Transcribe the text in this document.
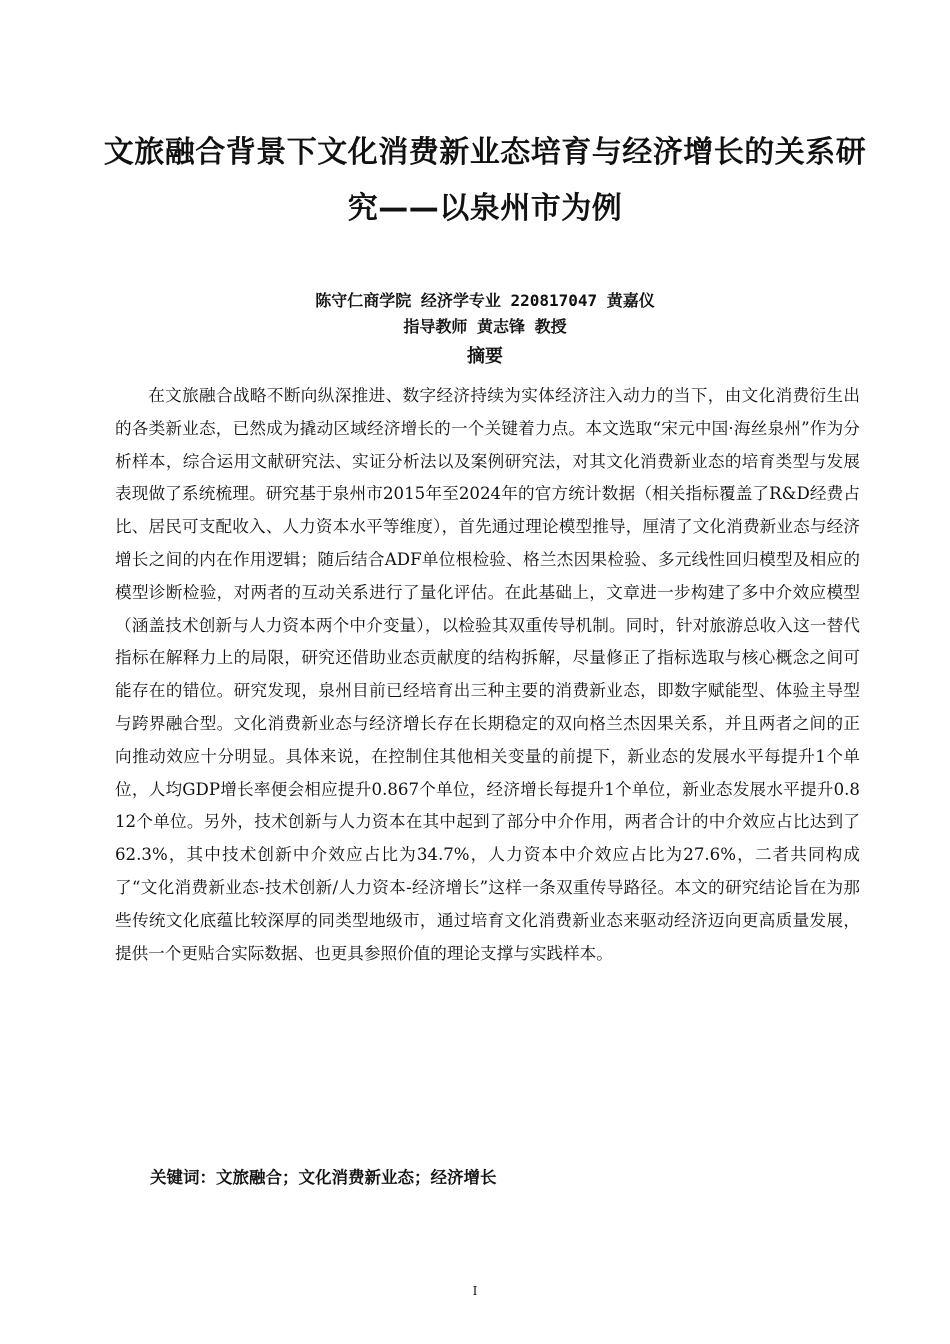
文旅融合背景下文化消费新业态培育与经济增长的关系研
究——以泉州市为例
陈守仁商学院 经济学专业 220817047 黄嘉仪
指导教师 黄志锋 教授
摘要

在文旅融合战略不断向纵深推进、数字经济持续为实体经济注入动力的当下，由文化消费衍生出的各类新业态，已然成为撬动区域经济增长的一个关键着力点。本文选取“宋元中国·海丝泉州”作为分析样本，综合运用文献研究法、实证分析法以及案例研究法，对其文化消费新业态的培育类型与发展表现做了系统梳理。研究基于泉州市2015年至2024年的官方统计数据（相关指标覆盖了R&D经费占比、居民可支配收入、人力资本水平等维度），首先通过理论模型推导，厘清了文化消费新业态与经济增长之间的内在作用逻辑；随后结合ADF单位根检验、格兰杰因果检验、多元线性回归模型及相应的模型诊断检验，对两者的互动关系进行了量化评估。在此基础上，文章进一步构建了多中介效应模型（涵盖技术创新与人力资本两个中介变量），以检验其双重传导机制。同时，针对旅游总收入这一替代指标在解释力上的局限，研究还借助业态贡献度的结构拆解，尽量修正了指标选取与核心概念之间可能存在的错位。研究发现，泉州目前已经培育出三种主要的消费新业态，即数字赋能型、体验主导型与跨界融合型。文化消费新业态与经济增长存在长期稳定的双向格兰杰因果关系，并且两者之间的正向推动效应十分明显。具体来说，在控制住其他相关变量的前提下，新业态的发展水平每提升1个单位，人均GDP增长率便会相应提升0.867个单位，经济增长每提升1个单位，新业态发展水平提升0.812个单位。另外，技术创新与人力资本在其中起到了部分中介作用，两者合计的中介效应占比达到了62.3%，其中技术创新中介效应占比为34.7%，人力资本中介效应占比为27.6%，二者共同构成了“文化消费新业态-技术创新/人力资本-经济增长”这样一条双重传导路径。本文的研究结论旨在为那些传统文化底蕴比较深厚的同类型地级市，通过培育文化消费新业态来驱动经济迈向更高质量发展，提供一个更贴合实际数据、也更具参照价值的理论支撑与实践样本。

关键词：文旅融合；文化消费新业态；经济增长
I
